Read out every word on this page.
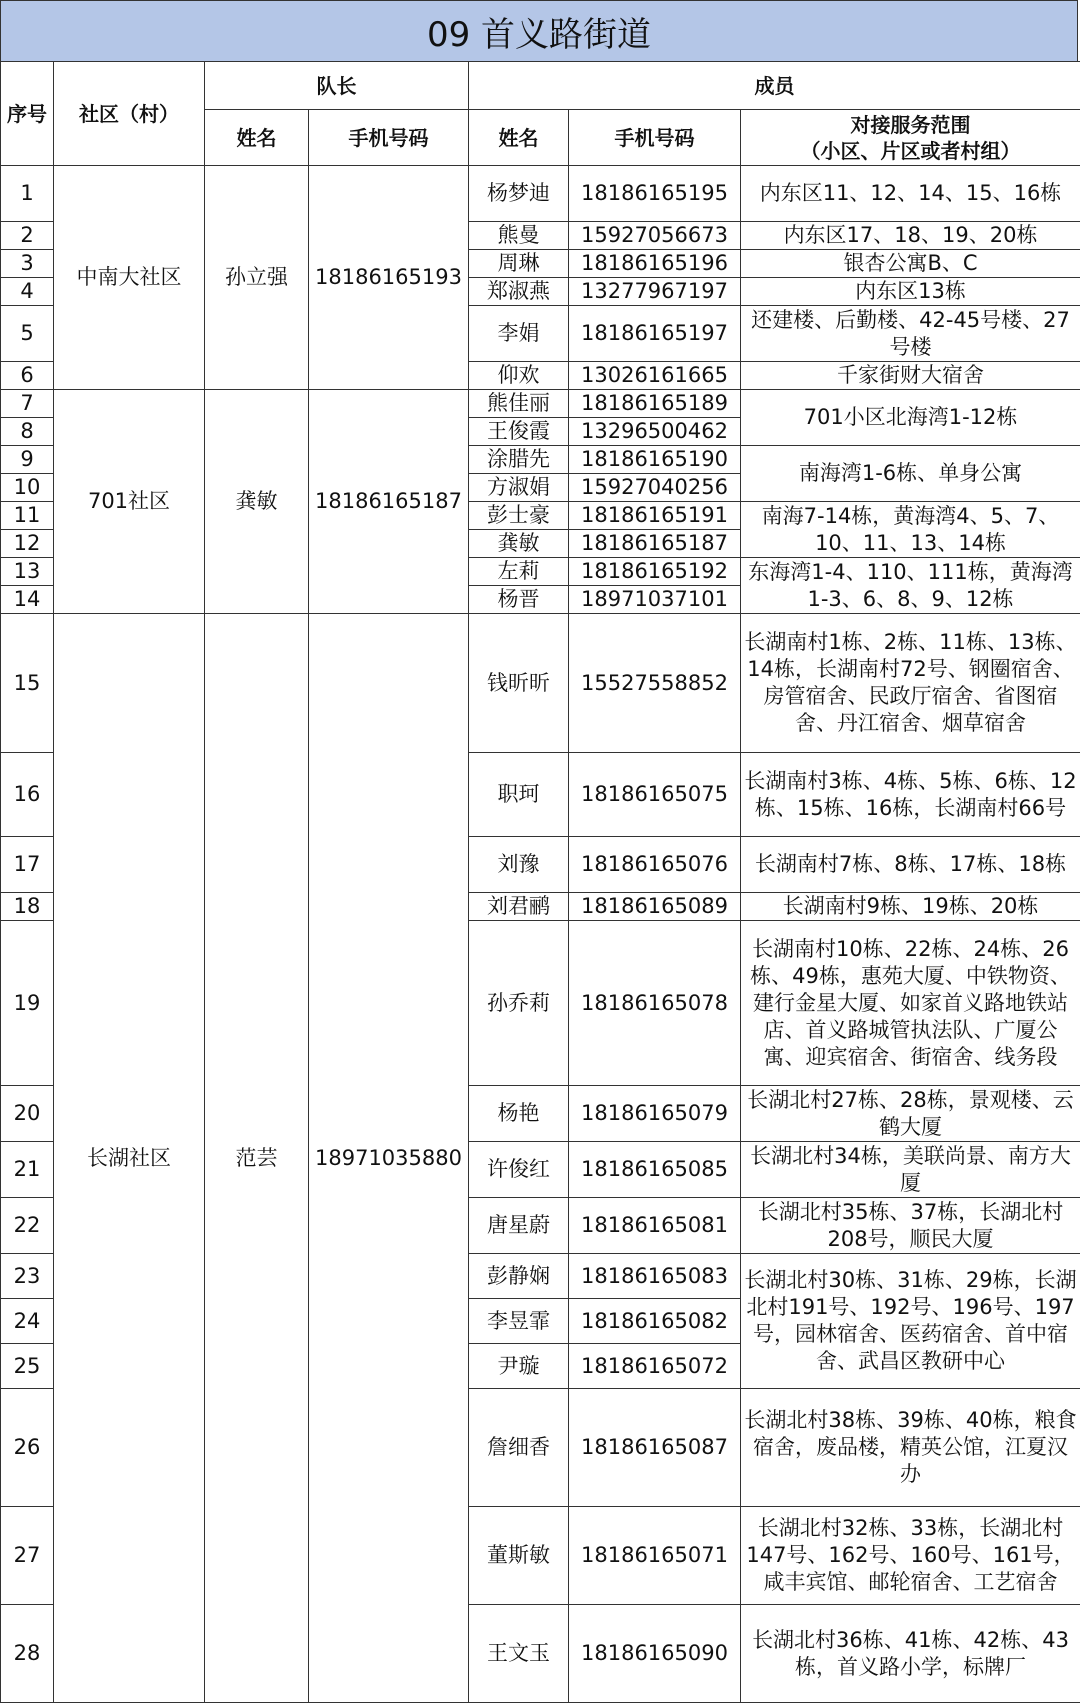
09 首义路街道
序号	社区（村）	队长		成员		
		姓名	手机号码	姓名	手机号码	对接服务范围
（小区、片区或者村组）
1	中南大社区	孙立强	18186165193	杨梦迪	18186165195	内东区11、12、14、15、16栋
2				熊曼	15927056673	内东区17、18、19、20栋
3				周琳	18186165196	银杏公寓B、C
4				郑淑燕	13277967197	内东区13栋
5				李娟	18186165197	还建楼、后勤楼、42-45号楼、27号楼
6				仰欢	13026161665	千家街财大宿舍
7	701社区	龚敏	18186165187	熊佳丽	18186165189	701小区北海湾1-12栋
8				王俊霞	13296500462	
9				涂腊先	18186165190	南海湾1-6栋、单身公寓
10				方淑娟	15927040256	
11				彭士豪	18186165191	南海7-14栋，黄海湾4、5、7、10、11、13、14栋
12				龚敏	18186165187	
13				左莉	18186165192	东海湾1-4、110、111栋，黄海湾1-3、6、8、9、12栋
14				杨晋	18971037101	
15	长湖社区	范芸	18971035880	钱昕昕	15527558852	长湖南村1栋、2栋、11栋、13栋、14栋，长湖南村72号、钢圈宿舍、房管宿舍、民政厅宿舍、省图宿舍、丹江宿舍、烟草宿舍
16				职珂	18186165075	长湖南村3栋、4栋、5栋、6栋、12栋、15栋、16栋，长湖南村66号
17				刘豫	18186165076	长湖南村7栋、8栋、17栋、18栋
18				刘君鹂	18186165089	长湖南村9栋、19栋、20栋
19				孙乔莉	18186165078	长湖南村10栋、22栋、24栋、26栋、49栋，惠苑大厦、中铁物资、建行金星大厦、如家首义路地铁站店、首义路城管执法队、广厦公寓、迎宾宿舍、街宿舍、线务段
20				杨艳	18186165079	长湖北村27栋、28栋，景观楼、云鹤大厦
21				许俊红	18186165085	长湖北村34栋，美联尚景、南方大厦
22				唐星蔚	18186165081	长湖北村35栋、37栋，长湖北村208号，顺民大厦
23				彭静娴	18186165083	长湖北村30栋、31栋、29栋，长湖北村191号、192号、196号、197号，园林宿舍、医药宿舍、首中宿舍、武昌区教研中心
24				李昱霏	18186165082	
25				尹璇	18186165072	
26				詹细香	18186165087	长湖北村38栋、39栋、40栋，粮食宿舍，废品楼，精英公馆，江夏汉办
27				董斯敏	18186165071	长湖北村32栋、33栋，长湖北村147号、162号、160号、161号，咸丰宾馆、邮轮宿舍、工艺宿舍
28				王文玉	18186165090	长湖北村36栋、41栋、42栋、43栋，首义路小学，标牌厂
